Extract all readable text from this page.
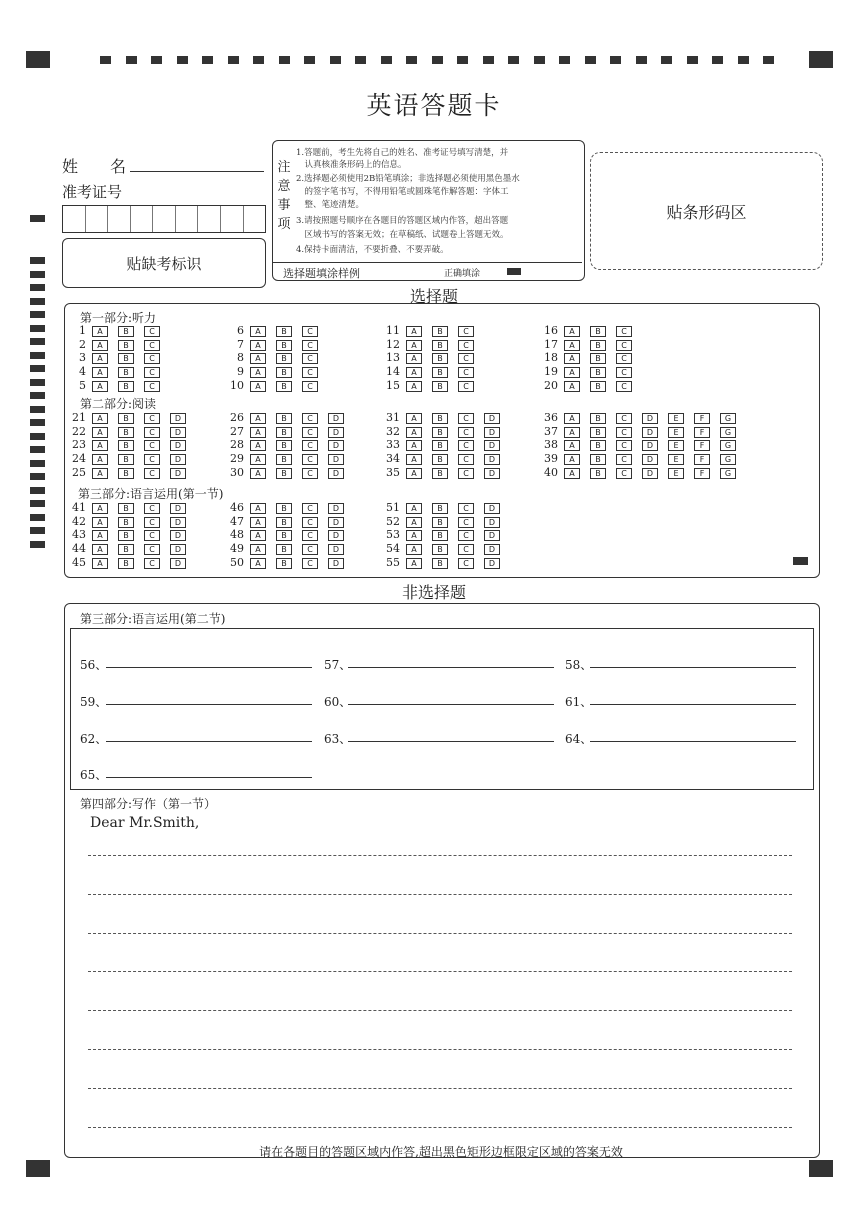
英语答题卡
姓　　名
准考证号
贴缺考标识
注意事项
1.答题前，考生先将自己的姓名、准考证号填写清楚，并
　认真核准条形码上的信息。
2.选择题必须使用2B铅笔填涂；非选择题必须使用黑色墨水
　的签字笔书写，不得用铅笔或圆珠笔作解答题：字体工
　整、笔迹清楚。
3.请按照题号顺序在各题目的答题区域内作答，超出答题
　区域书写的答案无效；在草稿纸、试题卷上答题无效。
4.保持卡面清洁，不要折叠、不要弄破。
选择题填涂样例	正确填涂
贴条形码区
选择题
第一部分:听力
第二部分:阅读
第三部分:语言运用(第一节)
1	A	B	C
2	A	B	C
3	A	B	C
4	A	B	C
5	A	B	C
6	A	B	C
7	A	B	C
8	A	B	C
9	A	B	C
10	A	B	C
11	A	B	C
12	A	B	C
13	A	B	C
14	A	B	C
15	A	B	C
16	A	B	C
17	A	B	C
18	A	B	C
19	A	B	C
20	A	B	C
21	A	B	C	D
22	A	B	C	D
23	A	B	C	D
24	A	B	C	D
25	A	B	C	D
26	A	B	C	D
27	A	B	C	D
28	A	B	C	D
29	A	B	C	D
30	A	B	C	D
31	A	B	C	D
32	A	B	C	D
33	A	B	C	D
34	A	B	C	D
35	A	B	C	D
36	A	B	C	D	E	F	G
37	A	B	C	D	E	F	G
38	A	B	C	D	E	F	G
39	A	B	C	D	E	F	G
40	A	B	C	D	E	F	G
41	A	B	C	D
42	A	B	C	D
43	A	B	C	D
44	A	B	C	D
45	A	B	C	D
46	A	B	C	D
47	A	B	C	D
48	A	B	C	D
49	A	B	C	D
50	A	B	C	D
51	A	B	C	D
52	A	B	C	D
53	A	B	C	D
54	A	B	C	D
55	A	B	C	D
非选择题
第三部分:语言运用(第二节)
56、	57、	58、
59、	60、	61、
62、	63、	64、
65、
第四部分:写作（第一节）
Dear Mr.Smith,
请在各题目的答题区域内作答,超出黑色矩形边框限定区域的答案无效
